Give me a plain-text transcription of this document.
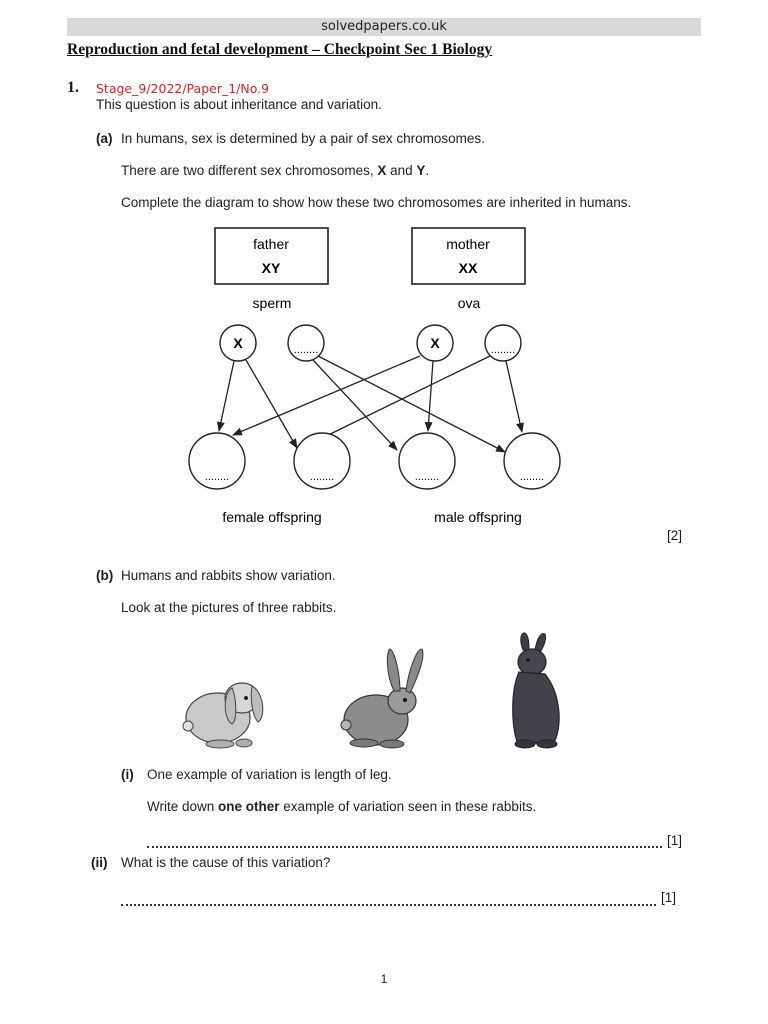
solvedpapers.co.uk
Reproduction and fetal development – Checkpoint Sec 1 Biology
1. Stage_9/2022/Paper_1/No.9
This question is about inheritance and variation.
(a) In humans, sex is determined by a pair of sex chromosomes.
There are two different sex chromosomes, X and Y.
Complete the diagram to show how these two chromosomes are inherited in humans.
father
XY
mother
XX
sperm	ova
X	........	X	........
........	........	........	........
female offspring	male offspring
[2]
(b) Humans and rabbits show variation.
Look at the pictures of three rabbits.
(i) One example of variation is length of leg.
Write down one other example of variation seen in these rabbits.
[1]
(ii) What is the cause of this variation?
[1]
1
